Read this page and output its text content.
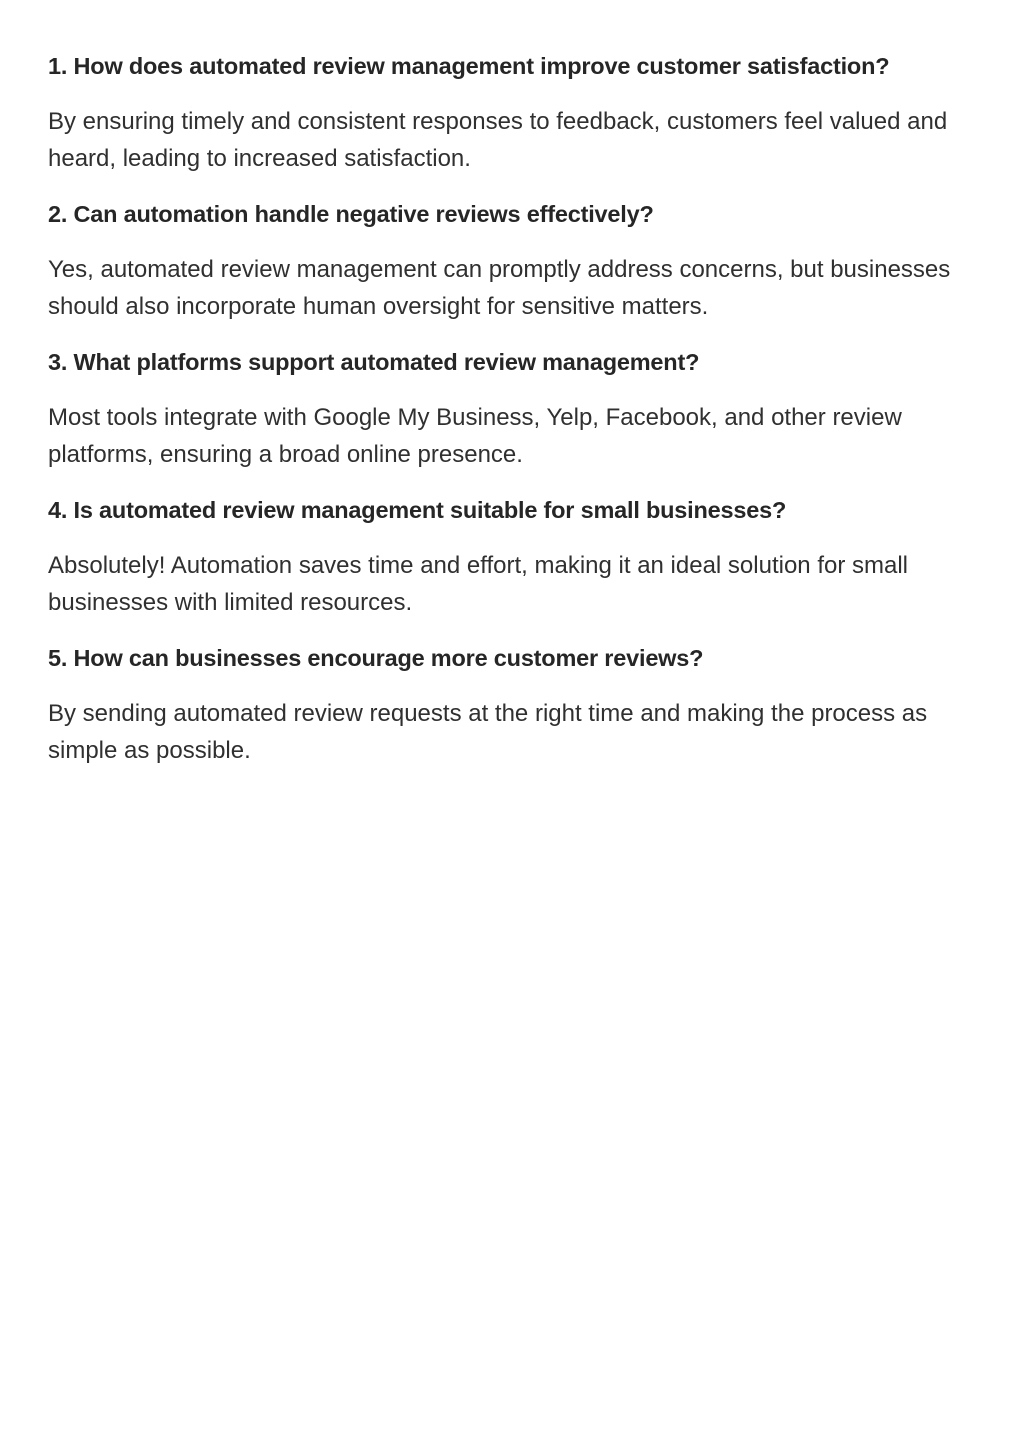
1. How does automated review management improve customer satisfaction?

By ensuring timely and consistent responses to feedback, customers feel valued and heard, leading to increased satisfaction.

2. Can automation handle negative reviews effectively?

Yes, automated review management can promptly address concerns, but businesses should also incorporate human oversight for sensitive matters.

3. What platforms support automated review management?

Most tools integrate with Google My Business, Yelp, Facebook, and other review platforms, ensuring a broad online presence.

4. Is automated review management suitable for small businesses?

Absolutely! Automation saves time and effort, making it an ideal solution for small businesses with limited resources.

5. How can businesses encourage more customer reviews?

By sending automated review requests at the right time and making the process as simple as possible.
